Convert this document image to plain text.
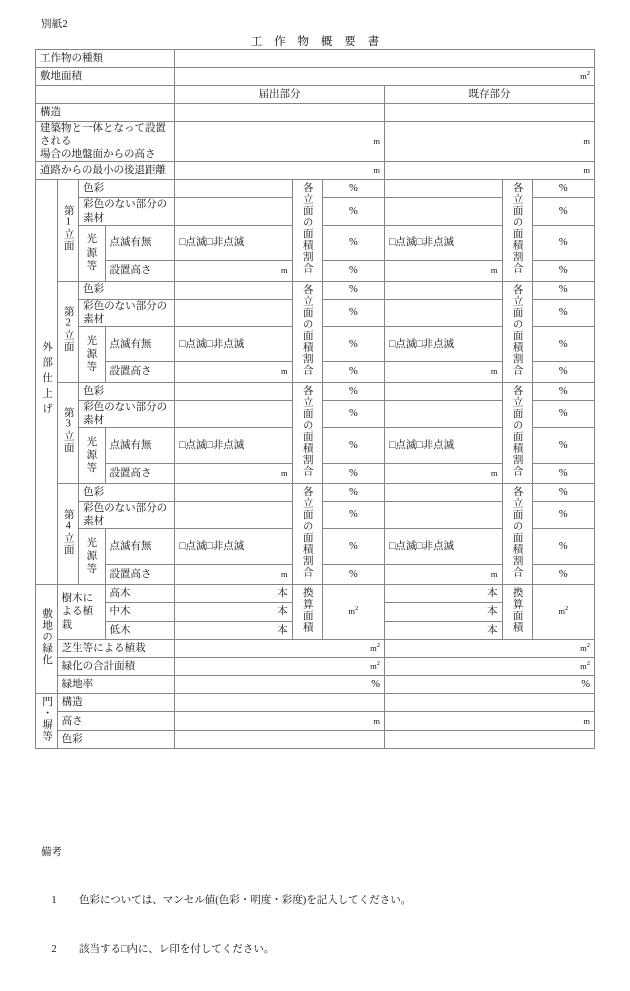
別紙2
工 作 物 概 要 書
工作物の種類									
敷地面積				$m^2$
				届出部分			既存部分		
構造									
建築物と一体となって設置される
場合の地盤面からの高さ				m			m		
道路からの最小の後退距離				m			m		
外部仕上げ	第1立面	色彩			各立面の面積割合	%		各立面の面積割合	%
		彩色のない部分の素材				%			%
		光源等	点滅有無	□点滅□非点滅		%	□点滅□非点滅		%
			設置高さ	m		%	m		%
	第2立面	色彩			各立面の面積割合	%		各立面の面積割合	%
		彩色のない部分の素材				%			%
		光源等	点滅有無	□点滅□非点滅		%	□点滅□非点滅		%
			設置高さ	m		%	m		%
	第3立面	色彩			各立面の面積割合	%		各立面の面積割合	%
		彩色のない部分の素材				%			%
		光源等	点滅有無	□点滅□非点滅		%	□点滅□非点滅		%
			設置高さ	m		%	m		%
	第4立面	色彩			各立面の面積割合	%		各立面の面積割合	%
		彩色のない部分の素材				%			%
		光源等	点滅有無	□点滅□非点滅		%	□点滅□非点滅		%
			設置高さ	m		%	m		%
敷地の緑化	樹木による植栽		高木	本	換算面積	$m^2$	本	換算面積	$m^2$
			中木	本			本		
			低木	本			本		
	芝生等による植栽			$m^2$			$m^2$
	緑化の合計面積			$m^2$			$m^2$
	緑地率			%			%		
門・塀等	構造								
	高さ			m			m		
	色彩								

備考

1 色彩については、マンセル値(色彩・明度・彩度)を記入してください。

2 該当する□内に、レ印を付してください。
